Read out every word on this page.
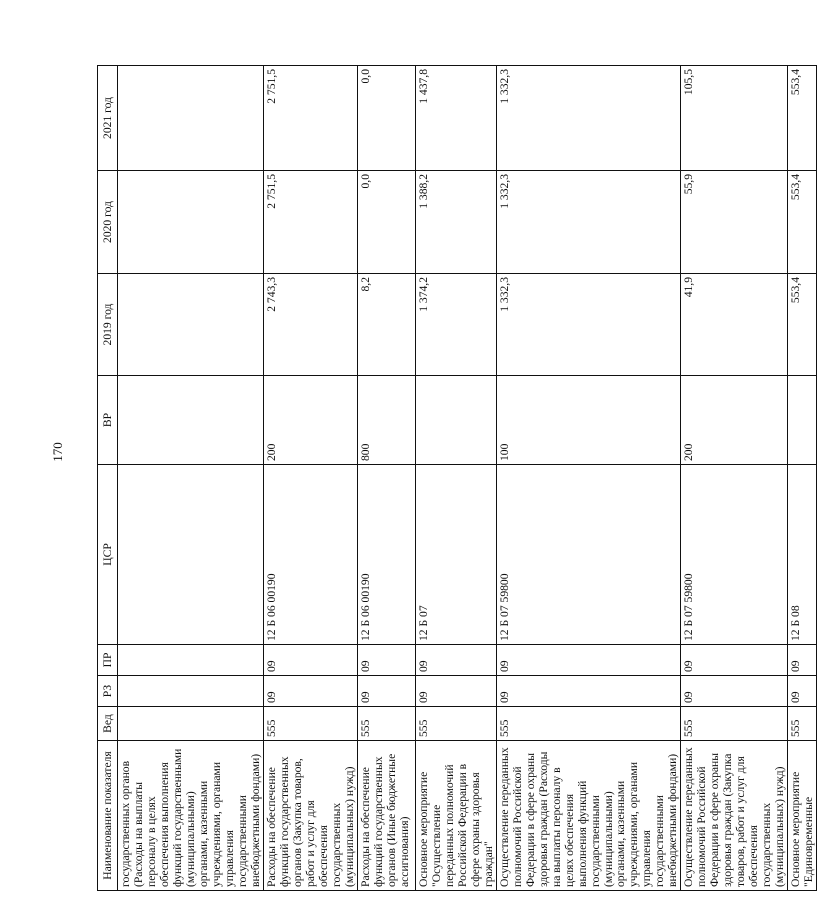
170
Наименование показателя	Вед	РЗ	ПР	ЦСР	ВР	2019 год	2020 год	2021 год
государственных органов (Расходы на выплаты персоналу в целях обеспечения выполнения функций государственными (муниципальными) органами, казенными учреждениями, органами управления государственными внебюджетными фондами)								
Расходы на обеспечение функций государственных органов (Закупка товаров, работ и услуг для обеспечения государственных (муниципальных) нужд)	555	09	09	12 Б 06 00190	200	2 743,3	2 751,5	2 751,5
Расходы на обеспечение функций государственных органов (Иные бюджетные ассигнования)	555	09	09	12 Б 06 00190	800	8,2	0,0	0,0
Основное мероприятие "Осуществление переданных полномочий Российской Федерации в сфере охраны здоровья граждан"	555	09	09	12 Б 07		1 374,2	1 388,2	1 437,8
Осуществление переданных полномочий Российской Федерации в сфере охраны здоровья граждан (Расходы на выплаты персоналу в целях обеспечения выполнения функций государственными (муниципальными) органами, казенными учреждениями, органами управления государственными внебюджетными фондами)	555	09	09	12 Б 07 59800	100	1 332,3	1 332,3	1 332,3
Осуществление переданных полномочий Российской Федерации в сфере охраны здоровья граждан (Закупка товаров, работ и услуг для обеспечения государственных (муниципальных) нужд)	555	09	09	12 Б 07 59800	200	41,9	55,9	105,5
Основное мероприятие "Единовременные	555	09	09	12 Б 08		553,4	553,4	553,4
